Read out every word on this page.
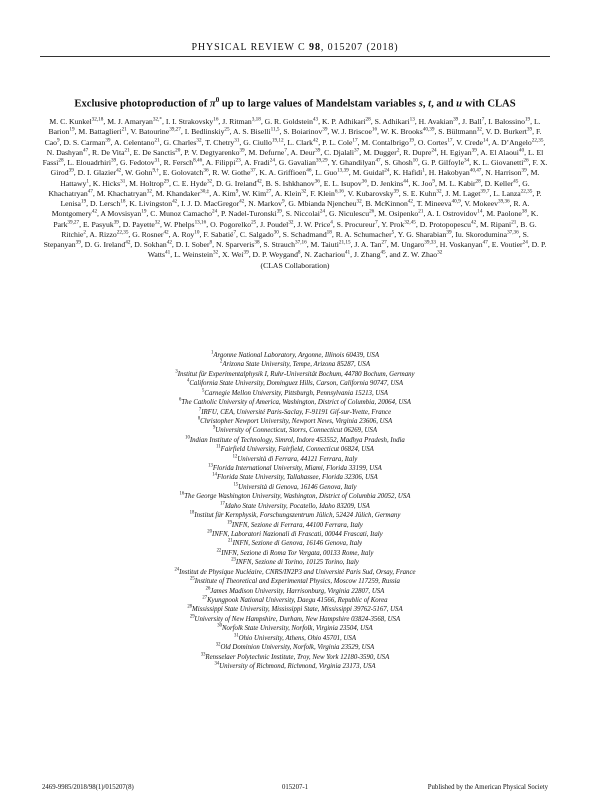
PHYSICAL REVIEW C 98, 015207 (2018)
Exclusive photoproduction of $\pi^0$ up to large values of Mandelstam variables s, t, and u with CLAS
M. C. Kunkel$^{32,18}$, M. J. Amaryan$^{32,*}$, I. I. Strakovsky$^{16}$, J. Ritman$^{3,18}$, G. R. Goldstein$^{43}$, K. P. Adhikari$^{28}$, S. Adhikari$^{13}$, H. Avakian$^{39}$, J. Ball$^7$, I. Balossino$^{19}$, L. Barion$^{19}$, M. Battaglieri$^{21}$, V. Batourine$^{39,27}$, I. Bedlinskiy$^{25}$, A. S. Biselli$^{11,5}$, S. Boiarinov$^{39}$, W. J. Briscoe$^{16}$, W. K. Brooks$^{40,39}$, S. Bültmann$^{32}$, V. D. Burkert$^{39}$, F. Cao$^9$, D. S. Carman$^{39}$, A. Celentano$^{21}$, G. Charles$^{32}$, T. Chetry$^{31}$, G. Ciullo$^{19,12}$, L. Clark$^{42}$, P. L. Cole$^{17}$, M. Contalbrigo$^{19}$, O. Cortes$^{17}$, V. Crede$^{14}$, A. D’Angelo$^{22,35}$, N. Dashyan$^{47}$, R. De Vita$^{21}$, E. De Sanctis$^{20}$, P. V. Degtyarenko$^{39}$, M. Defurne$^7$, A. Deur$^{39}$, C. Djalali$^{37}$, M. Dugger$^2$, R. Dupre$^{24}$, H. Egiyan$^{39}$, A. El Alaoui$^{40}$, L. El Fassi$^{28}$, L. Elouadrhiri$^{39}$, G. Fedotov$^{31}$, R. Fersch$^{8,46}$, A. Filippi$^{23}$, A. Fradi$^{24}$, G. Gavalian$^{39,29}$, Y. Ghandilyan$^{47}$, S. Ghosh$^{10}$, G. P. Gilfoyle$^{34}$, K. L. Giovanetti$^{26}$, F. X. Girod$^{39}$, D. I. Glazier$^{42}$, W. Gohn$^{9,\dagger}$, E. Golovatch$^{36}$, R. W. Gothe$^{37}$, K. A. Griffioen$^{46}$, L. Guo$^{13,39}$, M. Guidal$^{24}$, K. Hafidi$^1$, H. Hakobyan$^{40,47}$, N. Harrison$^{39}$, M. Hattawy$^1$, K. Hicks$^{31}$, M. Holtrop$^{29}$, C. E. Hyde$^{32}$, D. G. Ireland$^{42}$, B. S. Ishkhanov$^{36}$, E. L. Isupov$^{36}$, D. Jenkins$^{44}$, K. Joo$^9$, M. L. Kabir$^{28}$, D. Keller$^{45}$, G. Khachatryan$^{47}$, M. Khachatryan$^{32}$, M. Khandaker$^{30,\ddagger}$, A. Kim$^9$, W. Kim$^{27}$, A. Klein$^{32}$, F. Klein$^{6,16}$, V. Kubarovsky$^{39}$, S. E. Kuhn$^{32}$, J. M. Laget$^{39,7}$, L. Lanza$^{22,35}$, P. Lenisa$^{19}$, D. Lersch$^{18}$, K. Livingston$^{42}$, I. J. D. MacGregor$^{42}$, N. Markov$^9$, G. Mbianda Njencheu$^{32}$, B. McKinnon$^{42}$, T. Mineeva$^{40,9}$, V. Mokeev$^{39,36}$, R. A. Montgomery$^{42}$, A Movsisyan$^{19}$, C. Munoz Camacho$^{24}$, P. Nadel-Turonski$^{39}$, S. Niccolai$^{24}$, G. Niculescu$^{26}$, M. Osipenko$^{21}$, A. I. Ostrovidov$^{14}$, M. Paolone$^{38}$, K. Park$^{39,27}$, E. Pasyuk$^{39}$, D. Payette$^{32}$, W. Phelps$^{13,16}$, O. Pogorelko$^{25}$, J. Poudel$^{32}$, J. W. Price$^4$, S. Procureur$^7$, Y. Prok$^{32,45}$, D. Protopopescu$^{42}$, M. Ripani$^{21}$, B. G. Ritchie$^2$, A. Rizzo$^{22,35}$, G. Rosner$^{42}$, A. Roy$^{10}$, F. Sabatié$^7$, C. Salgado$^{30}$, S. Schadmand$^{18}$, R. A. Schumacher$^5$, Y. G. Sharabian$^{39}$, Iu. Skorodumina$^{37,36}$, S. Stepanyan$^{39}$, D. G. Ireland$^{42}$, D. Sokhan$^{42}$, D. I. Sober$^8$, N. Sparveris$^{38}$, S. Strauch$^{37,16}$, M. Taiuti$^{21,15}$, J. A. Tan$^{27}$, M. Ungaro$^{39,33}$, H. Voskanyan$^{47}$, E. Voutier$^{24}$, D. P. Watts$^{41}$, L. Weinstein$^{32}$, X. Wei$^{39}$, D. P. Weygand$^8$, N. Zachariou$^{41}$, J. Zhang$^{45}$, and Z. W. Zhao$^{32}$
(CLAS Collaboration)
$^1$Argonne National Laboratory, Argonne, Illinois 60439, USA
$^2$Arizona State University, Tempe, Arizona 85287, USA
$^3$Institut für Experimentalphysik I, Ruhr-Universität Bochum, 44780 Bochum, Germany
$^4$California State University, Dominguez Hills, Carson, California 90747, USA
$^5$Carnegie Mellon University, Pittsburgh, Pennsylvania 15213, USA
$^6$The Catholic University of America, Washington, District of Columbia, 20064, USA
$^7$IRFU, CEA, Université Paris-Saclay, F-91191 Gif-sur-Yvette, France
$^8$Christopher Newport University, Newport News, Virginia 23606, USA
$^9$University of Connecticut, Storrs, Connecticut 06269, USA
$^{10}$Indian Institute of Technology, Simrol, Indore 453552, Madhya Pradesh, India
$^{11}$Fairfield University, Fairfield, Connecticut 06824, USA
$^{12}$Università di Ferrara, 44121 Ferrara, Italy
$^{13}$Florida International University, Miami, Florida 33199, USA
$^{14}$Florida State University, Tallahassee, Florida 32306, USA
$^{15}$Università di Genova, 16146 Genova, Italy
$^{16}$The George Washington University, Washington, District of Columbia 20052, USA
$^{17}$Idaho State University, Pocatello, Idaho 83209, USA
$^{18}$Institut für Kernphysik, Forschungszentrum Jülich, 52424 Jülich, Germany
$^{19}$INFN, Sezione di Ferrara, 44100 Ferrara, Italy
$^{20}$INFN, Laboratori Nazionali di Frascati, 00044 Frascati, Italy
$^{21}$INFN, Sezione di Genova, 16146 Genova, Italy
$^{22}$INFN, Sezione di Roma Tor Vergata, 00133 Rome, Italy
$^{23}$INFN, Sezione di Torino, 10125 Torino, Italy
$^{24}$Institut de Physique Nucléaire, CNRS/IN2P3 and Université Paris Sud, Orsay, France
$^{25}$Institute of Theoretical and Experimental Physics, Moscow 117259, Russia
$^{26}$James Madison University, Harrisonburg, Virginia 22807, USA
$^{27}$Kyungpook National University, Daegu 41566, Republic of Korea
$^{28}$Mississippi State University, Mississippi State, Mississippi 39762-5167, USA
$^{29}$University of New Hampshire, Durham, New Hampshire 03824-3568, USA
$^{30}$Norfolk State University, Norfolk, Virginia 23504, USA
$^{31}$Ohio University, Athens, Ohio 45701, USA
$^{32}$Old Dominion University, Norfolk, Virginia 23529, USA
$^{33}$Rensselaer Polytechnic Institute, Troy, New York 12180-3590, USA
$^{34}$University of Richmond, Richmond, Virginia 23173, USA
2469-9985/2018/98(1)/015207(8)	015207-1	Published by the American Physical Society
